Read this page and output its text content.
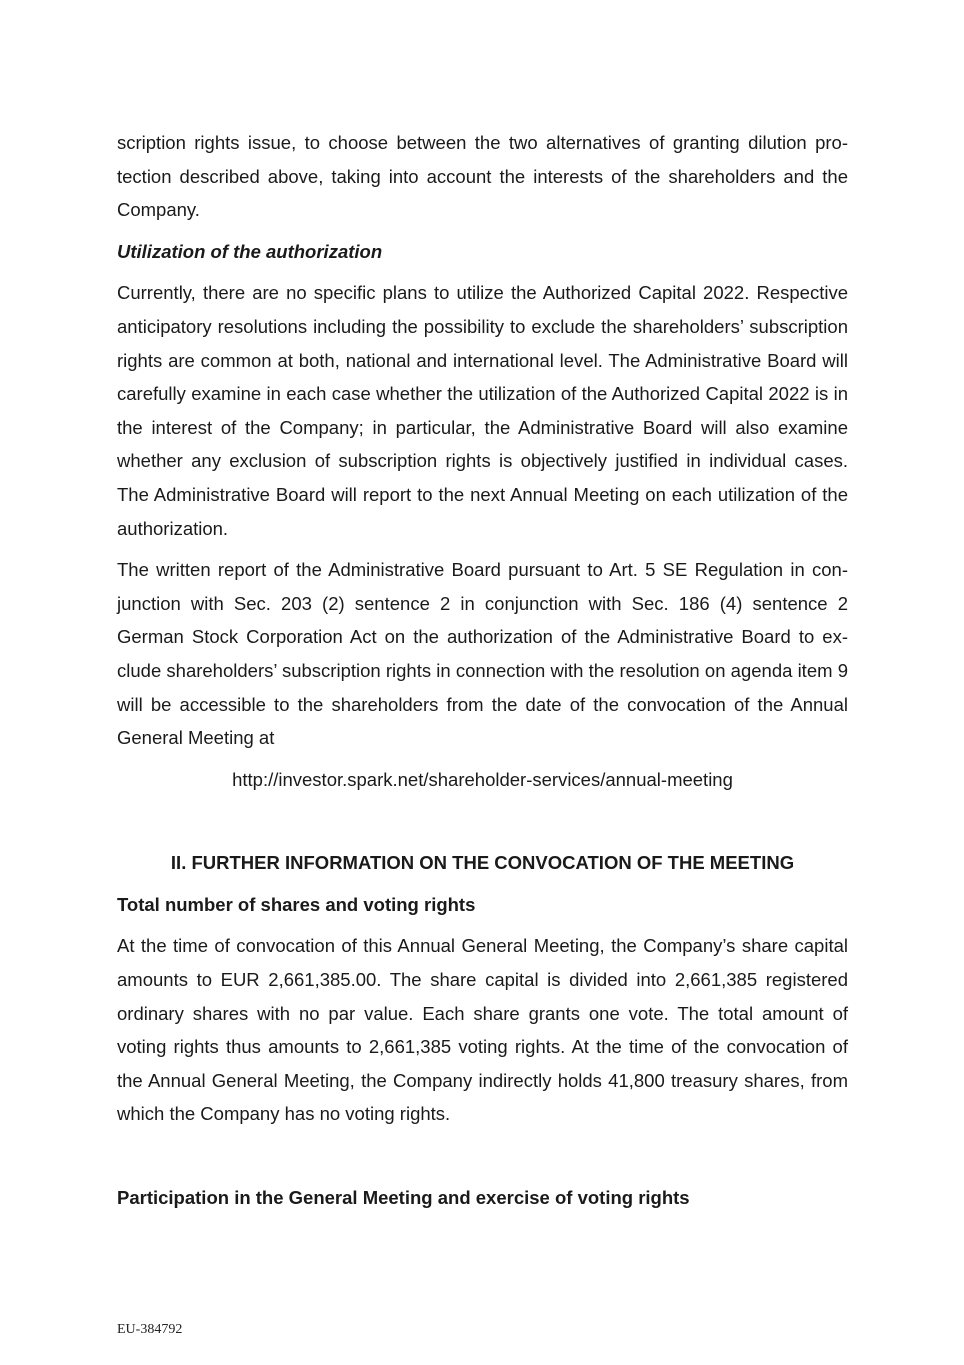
scription rights issue, to choose between the two alternatives of granting dilution protection described above, taking into account the interests of the shareholders and the Company.

Utilization of the authorization

Currently, there are no specific plans to utilize the Authorized Capital 2022. Respective anticipatory resolutions including the possibility to exclude the shareholders’ subscription rights are common at both, national and international level. The Administrative Board will carefully examine in each case whether the utilization of the Authorized Capital 2022 is in the interest of the Company; in particular, the Administrative Board will also examine whether any exclusion of subscription rights is objectively justified in individual cases. The Administrative Board will report to the next Annual Meeting on each utilization of the authorization.

The written report of the Administrative Board pursuant to Art. 5 SE Regulation in conjunction with Sec. 203 (2) sentence 2 in conjunction with Sec. 186 (4) sentence 2 German Stock Corporation Act on the authorization of the Administrative Board to exclude shareholders’ subscription rights in connection with the resolution on agenda item 9 will be accessible to the shareholders from the date of the convocation of the Annual General Meeting at

http://investor.spark.net/shareholder-services/annual-meeting

II. FURTHER INFORMATION ON THE CONVOCATION OF THE MEETING

Total number of shares and voting rights

At the time of convocation of this Annual General Meeting, the Company’s share capital amounts to EUR 2,661,385.00. The share capital is divided into 2,661,385 registered ordinary shares with no par value. Each share grants one vote. The total amount of voting rights thus amounts to 2,661,385 voting rights. At the time of the convocation of the Annual General Meeting, the Company indirectly holds 41,800 treasury shares, from which the Company has no voting rights.

Participation in the General Meeting and exercise of voting rights

EU-384792
